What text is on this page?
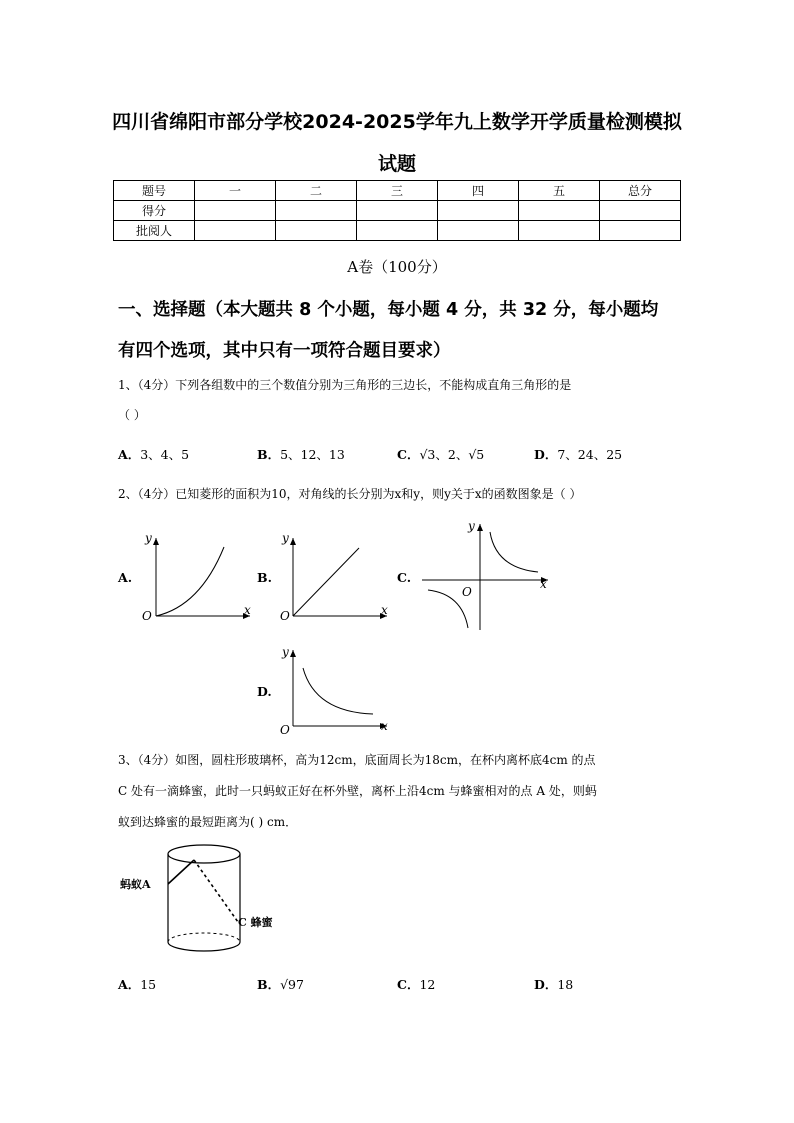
四川省绵阳市部分学校2024-2025学年九上数学开学质量检测模拟
试题
题号	一	二	三	四	五	总分
得分						
批阅人						
A卷（100分）
一、选择题（本大题共 8 个小题，每小题 4 分，共 32 分，每小题均
有四个选项，其中只有一项符合题目要求）
1、（4分）下列各组数中的三个数值分别为三角形的三边长，不能构成直角三角形的是
（ ）
A．3、4、5	B．5、12、13	C．√3、2、√5	D．7、24、25
2、（4分）已知菱形的面积为10，对角线的长分别为x和y，则y关于x的函数图象是（ ）
A.
x
y
O
B.
x
y
O
C.	x
y
O
D.
x
y
O
3、（4分）如图，圆柱形玻璃杯，高为12cm，底面周长为18cm，在杯内离杯底4cm 的点
C 处有一滴蜂蜜，此时一只蚂蚁正好在杯外壁，离杯上沿4cm 与蜂蜜相对的点 A 处，则蚂
蚁到达蜂蜜的最短距离为( ) cm．
蚂蚁A
C 蜂蜜
A．15	B．√97	C．12	D．18
